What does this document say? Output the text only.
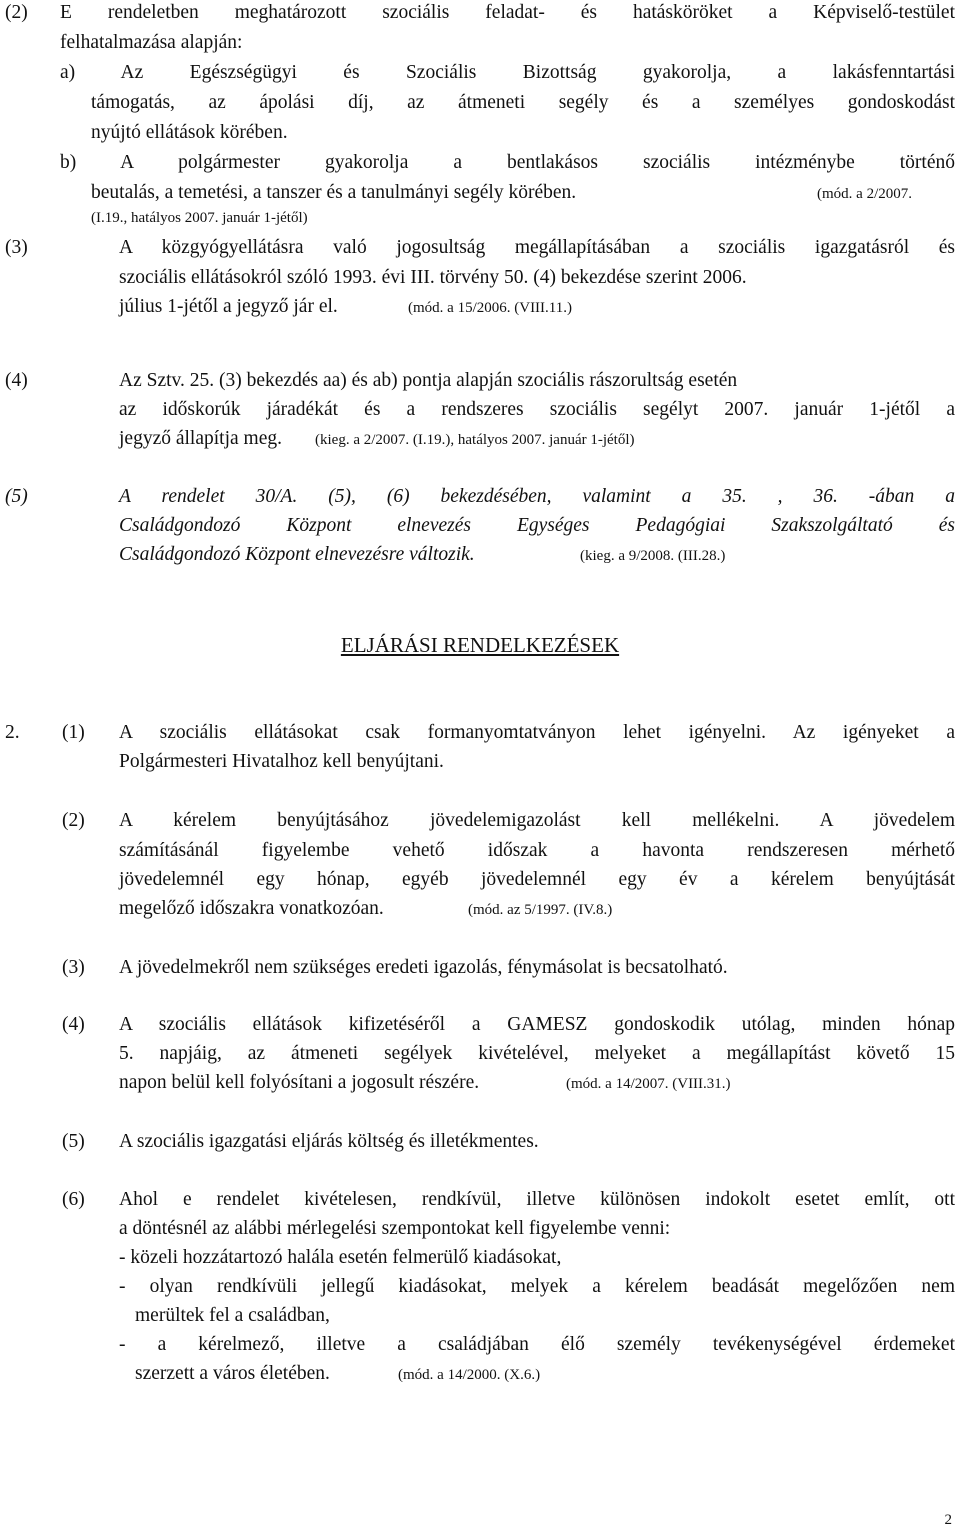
(2) E rendeletben meghatározott szociális feladat- és hatásköröket a Képviselő-testület
felhatalmazása alapján:
a) Az Egészségügyi és Szociális Bizottság gyakorolja, a lakásfenntartási
támogatás, az ápolási díj, az átmeneti segély és a személyes gondoskodást
nyújtó ellátások körében.
b) A polgármester gyakorolja a bentlakásos szociális intézménybe történő
beutalás, a temetési, a tanszer és a tanulmányi segély körében.	(mód. a 2/2007.
(I.19., hatályos 2007. január 1-jétől)
(3)	A közgyógyellátásra való jogosultság megállapításában a szociális igazgatásról és
szociális ellátásokról szóló 1993. évi III. törvény 50. (4) bekezdése szerint 2006.
július 1-jétől a jegyző jár el.	(mód. a 15/2006. (VIII.11.)
(4)	Az Sztv. 25. (3) bekezdés aa) és ab) pontja alapján szociális rászorultság esetén
az időskorúk járadékát és a rendszeres szociális segélyt 2007. január 1-jétől a
jegyző állapítja meg. (kieg. a 2/2007. (I.19.), hatályos 2007. január 1-jétől)
(5)	A rendelet 30/A. (5), (6) bekezdésében, valamint a 35. , 36. -ában a
Családgondozó Központ elnevezés Egységes Pedagógiai Szakszolgáltató és
Családgondozó Központ elnevezésre változik.	(kieg. a 9/2008. (III.28.)
ELJÁRÁSI RENDELKEZÉSEK
2. (1) A szociális ellátásokat csak formanyomtatványon lehet igényelni. Az igényeket a
Polgármesteri Hivatalhoz kell benyújtani.
(2) A kérelem benyújtásához jövedelemigazolást kell mellékelni. A jövedelem
számításánál figyelembe vehető időszak a havonta rendszeresen mérhető
jövedelemnél egy hónap, egyéb jövedelemnél egy év a kérelem benyújtását
megelőző időszakra vonatkozóan.	(mód. az 5/1997. (IV.8.)
(3) A jövedelmekről nem szükséges eredeti igazolás, fénymásolat is becsatolható.
(4) A szociális ellátások kifizetéséről a GAMESZ gondoskodik utólag, minden hónap
5. napjáig, az átmeneti segélyek kivételével, melyeket a megállapítást követő 15
napon belül kell folyósítani a jogosult részére.	(mód. a 14/2007. (VIII.31.)
(5) A szociális igazgatási eljárás költség és illetékmentes.
(6) Ahol e rendelet kivételesen, rendkívül, illetve különösen indokolt esetet említ, ott
a döntésnél az alábbi mérlegelési szempontokat kell figyelembe venni:
- közeli hozzátartozó halála esetén felmerülő kiadásokat,
- olyan rendkívüli jellegű kiadásokat, melyek a kérelem beadását megelőzően nem
merültek fel a családban,
- a kérelmező, illetve a családjában élő személy tevékenységével érdemeket
szerzett a város életében.	(mód. a 14/2000. (X.6.)
2
